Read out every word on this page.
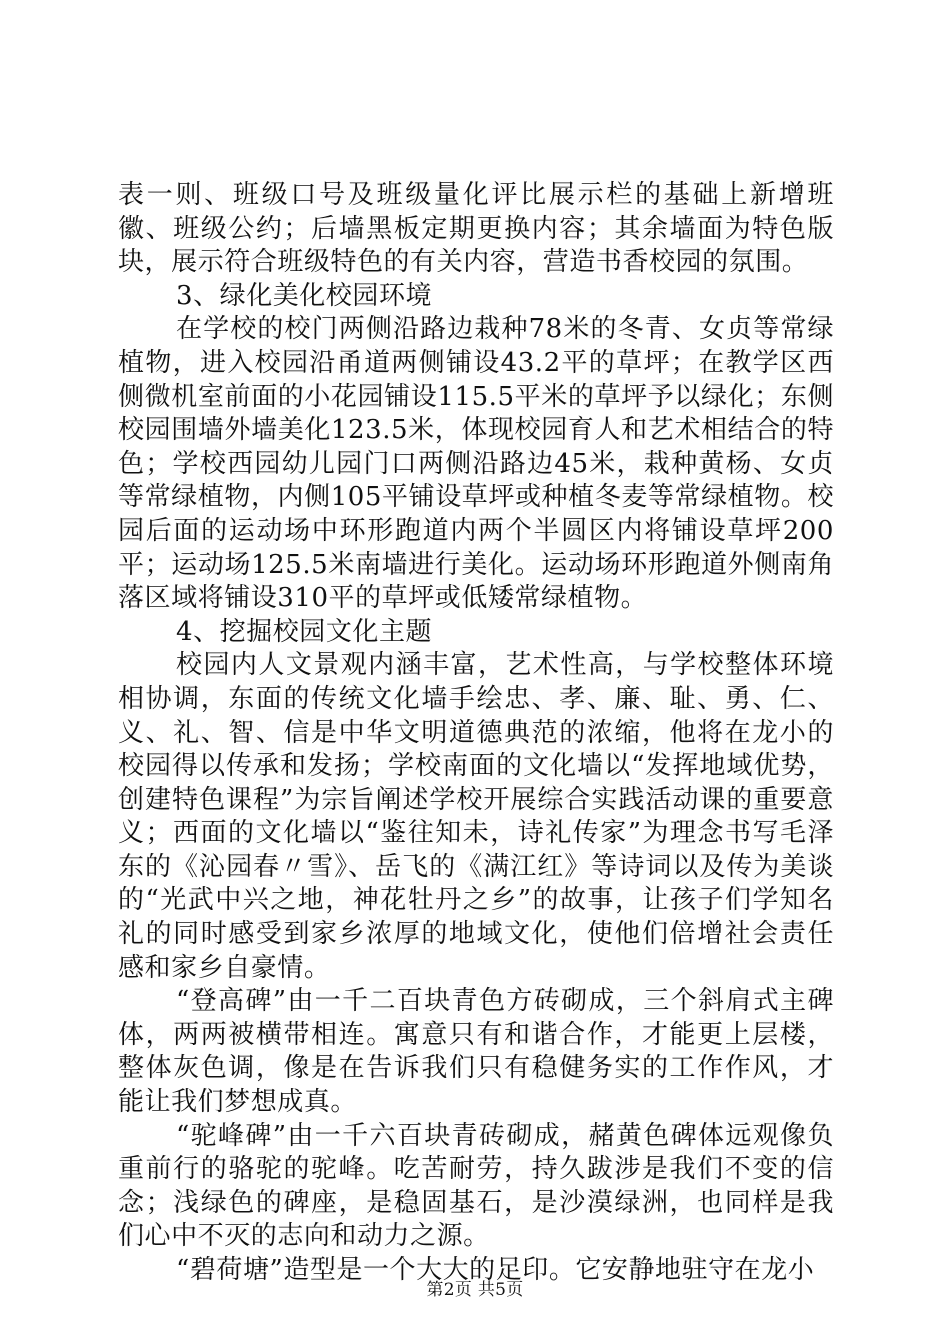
表一则、班级口号及班级量化评比展示栏的基础上新增班徽、班级公约；后墙黑板定期更换内容；其余墙面为特色版块，展示符合班级特色的有关内容，营造书香校园的氛围。

3、绿化美化校园环境

在学校的校门两侧沿路边栽种78米的冬青、女贞等常绿植物，进入校园沿甬道两侧铺设43.2平的草坪；在教学区西侧微机室前面的小花园铺设115.5平米的草坪予以绿化；东侧校园围墙外墙美化123.5米，体现校园育人和艺术相结合的特色；学校西园幼儿园门口两侧沿路边45米，栽种黄杨、女贞等常绿植物，内侧105平铺设草坪或种植冬麦等常绿植物。校园后面的运动场中环形跑道内两个半圆区内将铺设草坪200平；运动场125.5米南墙进行美化。运动场环形跑道外侧南角落区域将铺设310平的草坪或低矮常绿植物。

4、挖掘校园文化主题

校园内人文景观内涵丰富，艺术性高，与学校整体环境相协调，东面的传统文化墙手绘忠、孝、廉、耻、勇、仁、义、礼、智、信是中华文明道德典范的浓缩，他将在龙小的校园得以传承和发扬；学校南面的文化墙以“发挥地域优势，创建特色课程”为宗旨阐述学校开展综合实践活动课的重要意义；西面的文化墙以“鉴往知未，诗礼传家”为理念书写毛泽东的《沁园春〃雪》、岳飞的《满江红》等诗词以及传为美谈的“光武中兴之地，神花牡丹之乡”的故事，让孩子们学知名礼的同时感受到家乡浓厚的地域文化，使他们倍增社会责任感和家乡自豪情。

“登高碑”由一千二百块青色方砖砌成，三个斜肩式主碑体，两两被横带相连。寓意只有和谐合作，才能更上层楼，整体灰色调，像是在告诉我们只有稳健务实的工作作风，才能让我们梦想成真。

“驼峰碑”由一千六百块青砖砌成，赭黄色碑体远观像负重前行的骆驼的驼峰。吃苦耐劳，持久跋涉是我们不变的信念；浅绿色的碑座，是稳固基石，是沙漠绿洲，也同样是我们心中不灭的志向和动力之源。

“碧荷塘”造型是一个大大的足印。它安静地驻守在龙小

第2页 共5页
